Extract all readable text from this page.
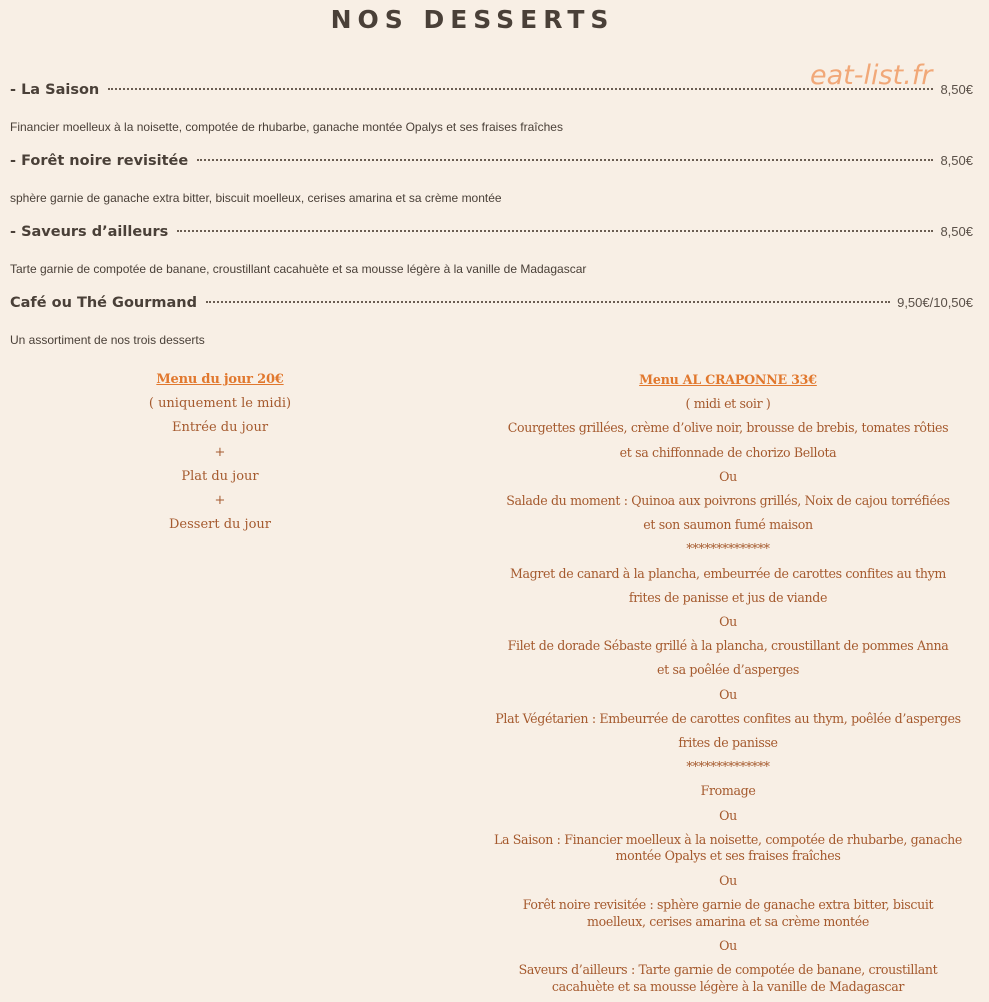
NOS DESSERTS
eat-list.fr
- La Saison	8,50€
Financier moelleux à la noisette, compotée de rhubarbe, ganache montée Opalys et ses fraises fraîches
- Forêt noire revisitée	8,50€
sphère garnie de ganache extra bitter, biscuit moelleux, cerises amarina et sa crème montée
- Saveurs d’ailleurs	8,50€
Tarte garnie de compotée de banane, croustillant cacahuète et sa mousse légère à la vanille de Madagascar
Café ou Thé Gourmand	9,50€/10,50€
Un assortiment de nos trois desserts
Menu du jour 20€
( uniquement le midi)
Entrée du jour
+
Plat du jour
+
Dessert du jour
Menu AL CRAPONNE 33€
( midi et soir )
Courgettes grillées, crème d’olive noir, brousse de brebis, tomates rôties
et sa chiffonnade de chorizo Bellota
Ou
Salade du moment : Quinoa aux poivrons grillés, Noix de cajou torréfiées
et son saumon fumé maison
**************
Magret de canard à la plancha, embeurrée de carottes confites au thym
frites de panisse et jus de viande
Ou
Filet de dorade Sébaste grillé à la plancha, croustillant de pommes Anna
et sa poêlée d’asperges
Ou
Plat Végétarien : Embeurrée de carottes confites au thym, poêlée d’asperges
frites de panisse
**************
Fromage
Ou
La Saison : Financier moelleux à la noisette, compotée de rhubarbe, ganache
montée Opalys et ses fraises fraîches
Ou
Forêt noire revisitée : sphère garnie de ganache extra bitter, biscuit
moelleux, cerises amarina et sa crème montée
Ou
Saveurs d’ailleurs : Tarte garnie de compotée de banane, croustillant
cacahuète et sa mousse légère à la vanille de Madagascar
